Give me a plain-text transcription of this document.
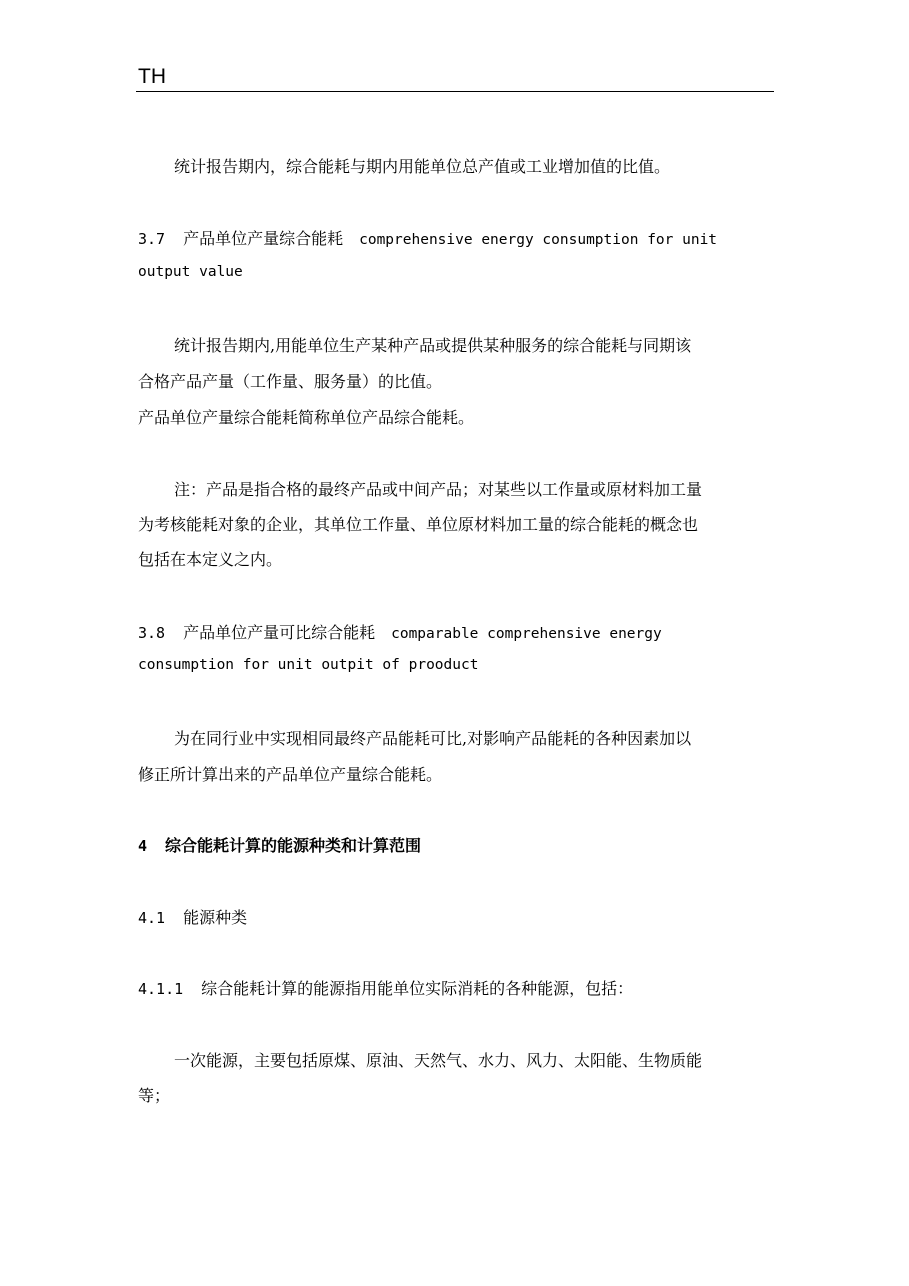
TH
统计报告期内，综合能耗与期内用能单位总产值或工业增加值的比值。
3.7 产品单位产量综合能耗 comprehensive energy consumption for unit
output value
统计报告期内,用能单位生产某种产品或提供某种服务的综合能耗与同期该
合格产品产量（工作量、服务量）的比值。
产品单位产量综合能耗简称单位产品综合能耗。
注：产品是指合格的最终产品或中间产品；对某些以工作量或原材料加工量
为考核能耗对象的企业，其单位工作量、单位原材料加工量的综合能耗的概念也
包括在本定义之内。
3.8 产品单位产量可比综合能耗 comparable comprehensive energy
consumption for unit outpit of prooduct
为在同行业中实现相同最终产品能耗可比,对影响产品能耗的各种因素加以
修正所计算出来的产品单位产量综合能耗。
4 综合能耗计算的能源种类和计算范围
4.1 能源种类
4.1.1 综合能耗计算的能源指用能单位实际消耗的各种能源，包括：
一次能源，主要包括原煤、原油、天然气、水力、风力、太阳能、生物质能
等；
